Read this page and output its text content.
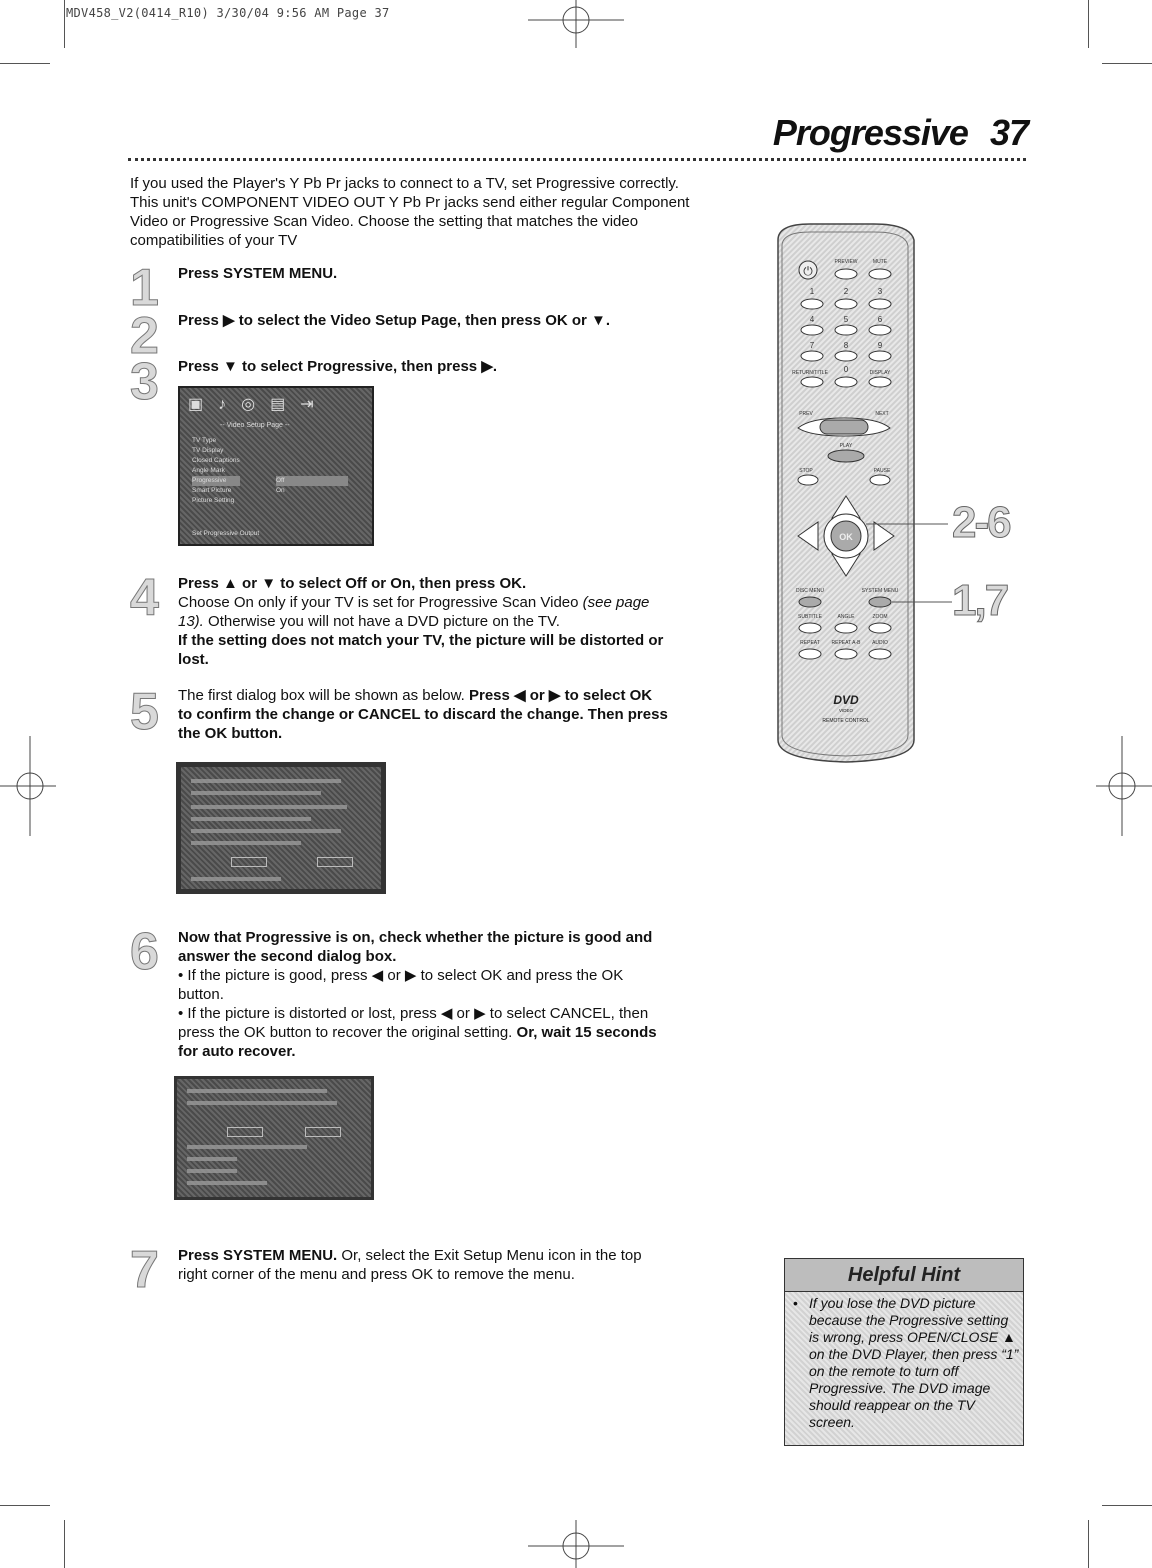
MDV458_V2(0414_R10) 3/30/04 9:56 AM Page 37
Progressive 37
If you used the Player's Y Pb Pr jacks to connect to a TV, set Progressive correctly. This unit's COMPONENT VIDEO OUT Y Pb Pr jacks send either regular Component Video or Progressive Scan Video. Choose the setting that matches the video compatibilities of your TV
1 Press SYSTEM MENU.
2 Press ▶ to select the Video Setup Page, then press OK or ▼.
3 Press ▼ to select Progressive, then press ▶.
▣♪◎▤⇥
-- Video Setup Page --
TV Type
TV Display
Closed Captions
Angle Mark
Progressive
Smart Picture
Picture Setting
Off
On
Set Progressive Output
4 Press ▲ or ▼ to select Off or On, then press OK.
Choose On only if your TV is set for Progressive Scan Video (see page 13). Otherwise you will not have a DVD picture on the TV.
If the setting does not match your TV, the picture will be distorted or lost.
5 The first dialog box will be shown as below. Press ◀ or ▶ to select OK to confirm the change or CANCEL to discard the change. Then press the OK button.
6 Now that Progressive is on, check whether the picture is good and answer the second dialog box.
• If the picture is good, press ◀ or ▶ to select OK and press the OK button.
• If the picture is distorted or lost, press ◀ or ▶ to select CANCEL, then press the OK button to recover the original setting. Or, wait 15 seconds for auto recover.
7 Press SYSTEM MENU. Or, select the Exit Setup Menu icon in the top right corner of the menu and press OK to remove the menu.
⏻
PREVIEW	MUTE
1	2	3
4	5	6
7	8	9
0
RETURN/TITLE	DISPLAY
PREV	NEXT
PLAY
STOP	PAUSE
OK
DISC MENU	SYSTEM MENU
SUBTITLE	ANGLE	ZOOM
REPEAT REPEAT A-B AUDIO
DVD
VIDEO
REMOTE CONTROL
2-6
1,7
Helpful Hint
• If you lose the DVD picture because the Progressive setting is wrong, press OPEN/CLOSE ▲ on the DVD Player, then press “1” on the remote to turn off Progressive. The DVD image should reappear on the TV screen.
